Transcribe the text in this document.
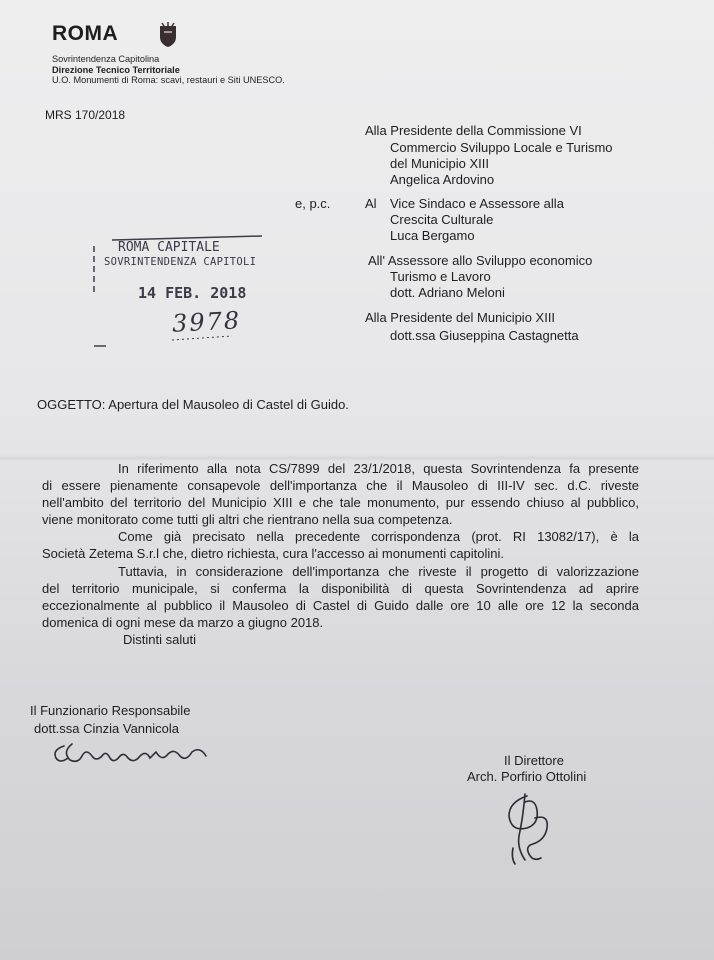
ROMA
Sovrintendenza Capitolina
Direzione Tecnico Territoriale
U.O. Monumenti di Roma: scavi, restauri e Siti UNESCO.
MRS 170/2018
Alla Presidente della Commissione VI
Commercio Sviluppo Locale e Turismo
del Municipio XIII
Angelica Ardovino
e, p.c.	Al Vice Sindaco e Assessore alla
Crescita Culturale
Luca Bergamo
All' Assessore allo Sviluppo economico
Turismo e Lavoro
dott. Adriano Meloni
Alla Presidente del Municipio XIII
dott.ssa Giuseppina Castagnetta
ROMA CAPITALE
SOVRINTENDENZA CAPITOLI
14 FEB. 2018
3978
OGGETTO: Apertura del Mausoleo di Castel di Guido.
In riferimento alla nota CS/7899 del 23/1/2018, questa Sovrintendenza fa presente
di essere pienamente consapevole dell'importanza che il Mausoleo di III-IV sec. d.C. riveste
nell'ambito del territorio del Municipio XIII e che tale monumento, pur essendo chiuso al pubblico,
viene monitorato come tutti gli altri che rientrano nella sua competenza.
Come già precisato nella precedente corrispondenza (prot. RI 13082/17), è la
Società Zetema S.r.l che, dietro richiesta, cura l'accesso ai monumenti capitolini.
Tuttavia, in considerazione dell'importanza che riveste il progetto di valorizzazione
del territorio municipale, si conferma la disponibilità di questa Sovrintendenza ad aprire
eccezionalmente al pubblico il Mausoleo di Castel di Guido dalle ore 10 alle ore 12 la seconda
domenica di ogni mese da marzo a giugno 2018.
Distinti saluti
Il Funzionario Responsabile
dott.ssa Cinzia Vannicola
Il Direttore
Arch. Porfirio Ottolini
